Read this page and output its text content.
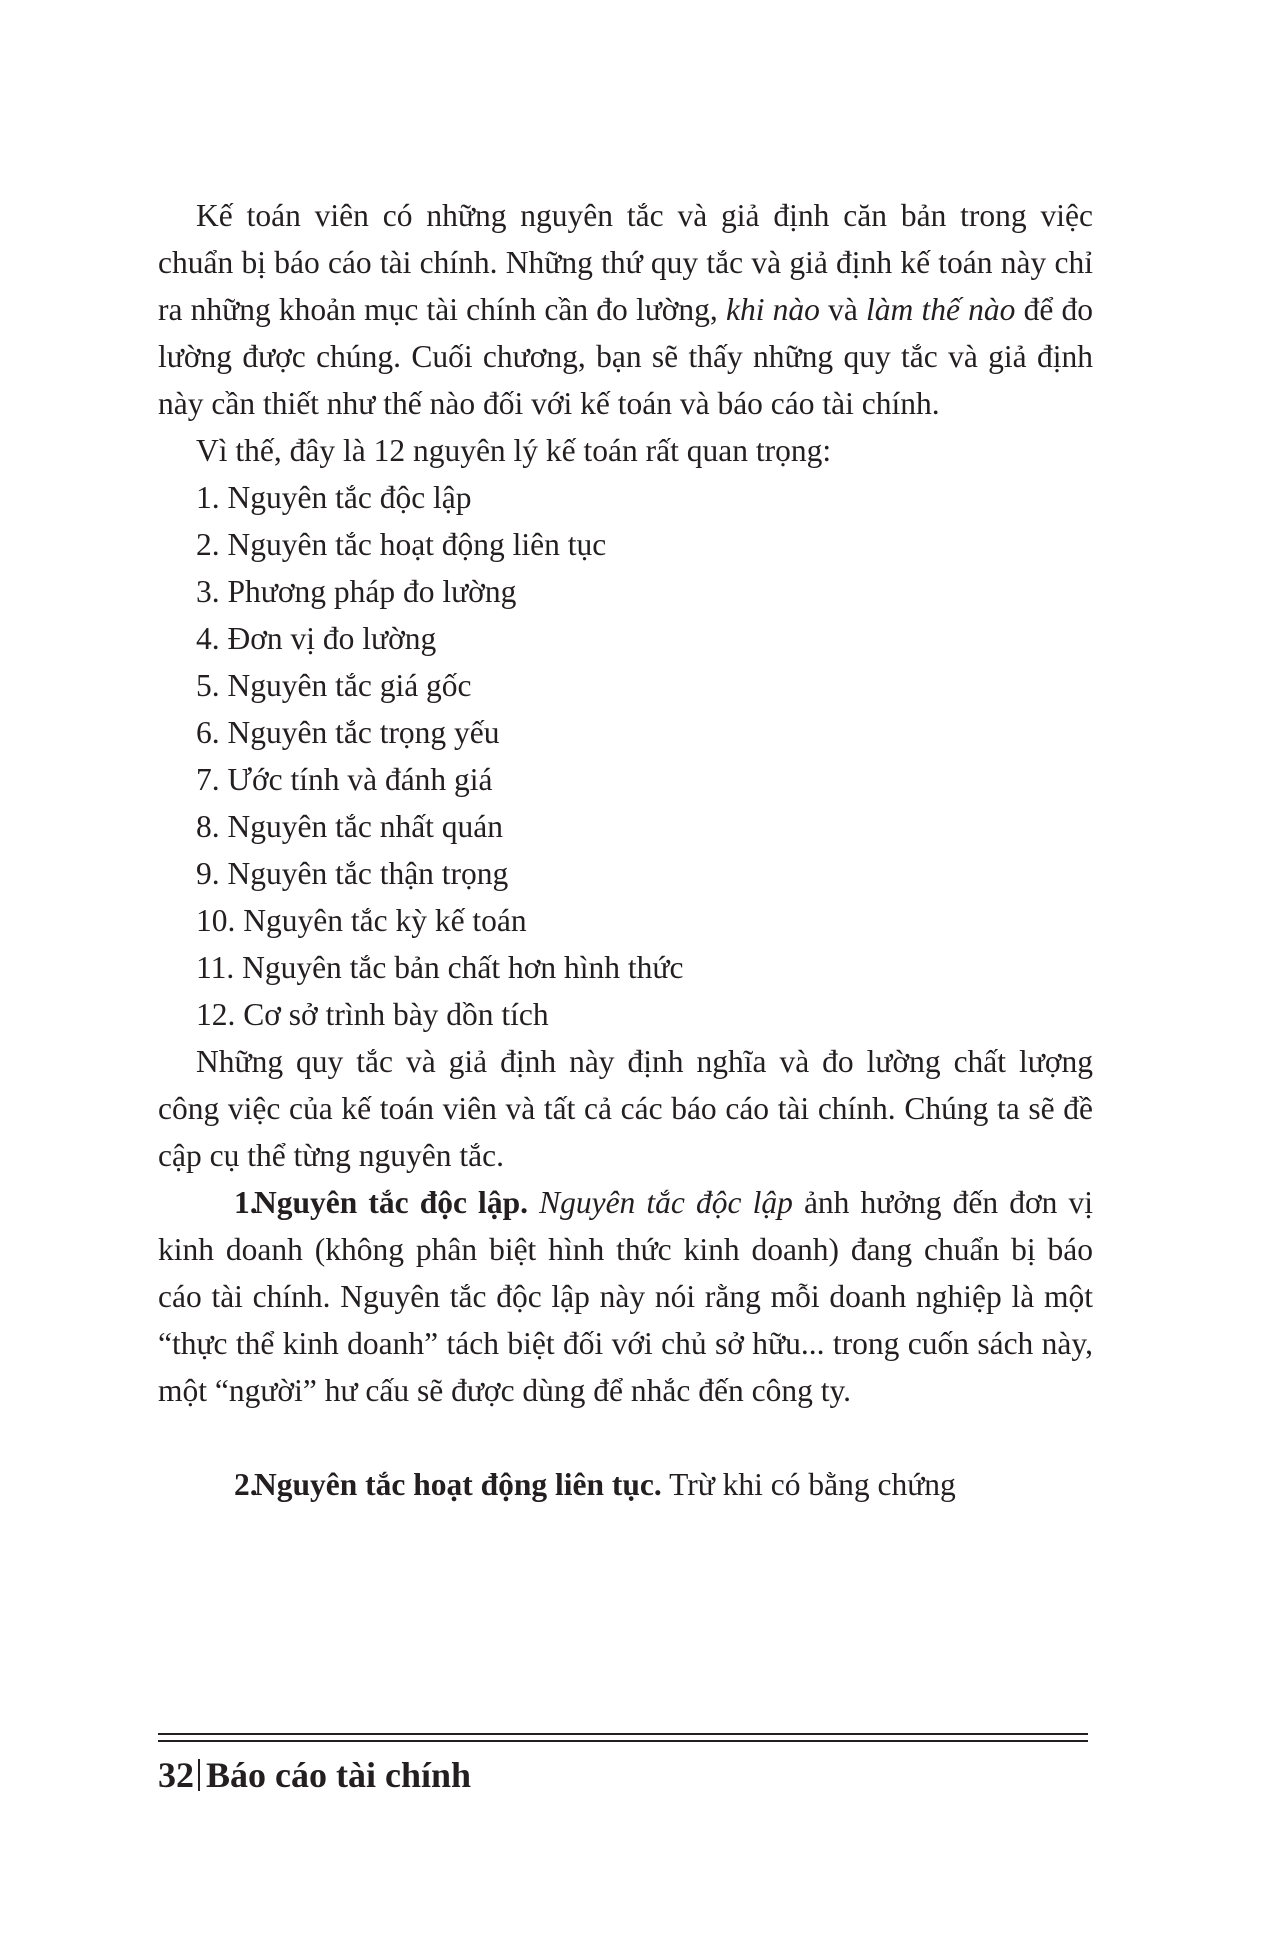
Kế toán viên có những nguyên tắc và giả định căn bản trong việc chuẩn bị báo cáo tài chính. Những thứ quy tắc và giả định kế toán này chỉ ra những khoản mục tài chính cần đo lường, khi nào và làm thế nào để đo lường được chúng. Cuối chương, bạn sẽ thấy những quy tắc và giả định này cần thiết như thế nào đối với kế toán và báo cáo tài chính.

Vì thế, đây là 12 nguyên lý kế toán rất quan trọng:

1. Nguyên tắc độc lập
2. Nguyên tắc hoạt động liên tục
3. Phương pháp đo lường
4. Đơn vị đo lường
5. Nguyên tắc giá gốc
6. Nguyên tắc trọng yếu
7. Ước tính và đánh giá
8. Nguyên tắc nhất quán
9. Nguyên tắc thận trọng
10. Nguyên tắc kỳ kế toán
11. Nguyên tắc bản chất hơn hình thức
12. Cơ sở trình bày dồn tích

Những quy tắc và giả định này định nghĩa và đo lường chất lượng công việc của kế toán viên và tất cả các báo cáo tài chính. Chúng ta sẽ đề cập cụ thể từng nguyên tắc.

1.Nguyên tắc độc lập. Nguyên tắc độc lập ảnh hưởng đến đơn vị kinh doanh (không phân biệt hình thức kinh doanh) đang chuẩn bị báo cáo tài chính. Nguyên tắc độc lập này nói rằng mỗi doanh nghiệp là một “thực thể kinh doanh” tách biệt đối với chủ sở hữu... trong cuốn sách này, một “người” hư cấu sẽ được dùng để nhắc đến công ty.

2.Nguyên tắc hoạt động liên tục. Trừ khi có bằng chứng

32 Báo cáo tài chính
